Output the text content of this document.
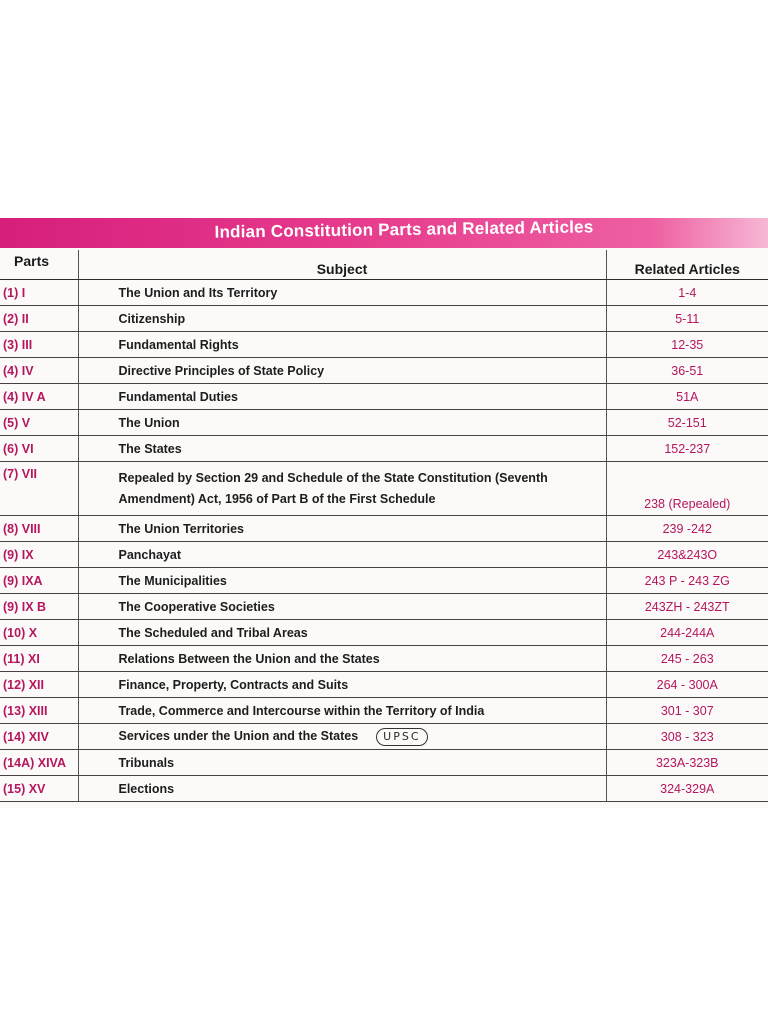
Indian Constitution Parts and Related Articles
Parts	Subject	Related Articles
(1) I	The Union and Its Territory	1-4
(2) II	Citizenship	5-11
(3) III	Fundamental Rights	12-35
(4) IV	Directive Principles of State Policy	36-51
(4) IV A	Fundamental Duties	51A
(5) V	The Union	52-151
(6) VI	The States	152-237
(7) VII	Repealed by Section 29 and Schedule of the State Constitution (Seventh Amendment) Act, 1956 of Part B of the First Schedule	238 (Repealed)
(8) VIII	The Union Territories	239 -242
(9) IX	Panchayat	243&243O
(9) IXA	The Municipalities	243 P - 243 ZG
(9) IX B	The Cooperative Societies	243ZH - 243ZT
(10) X	The Scheduled and Tribal Areas	244-244A
(11) XI	Relations Between the Union and the States	245 - 263
(12) XII	Finance, Property, Contracts and Suits	264 - 300A
(13) XIII	Trade, Commerce and Intercourse within the Territory of India	301 - 307
(14) XIV	Services under the Union and the States UPSC	308 - 323
(14A) XIVA	Tribunals	323A-323B
(15) XV	Elections	324-329A
